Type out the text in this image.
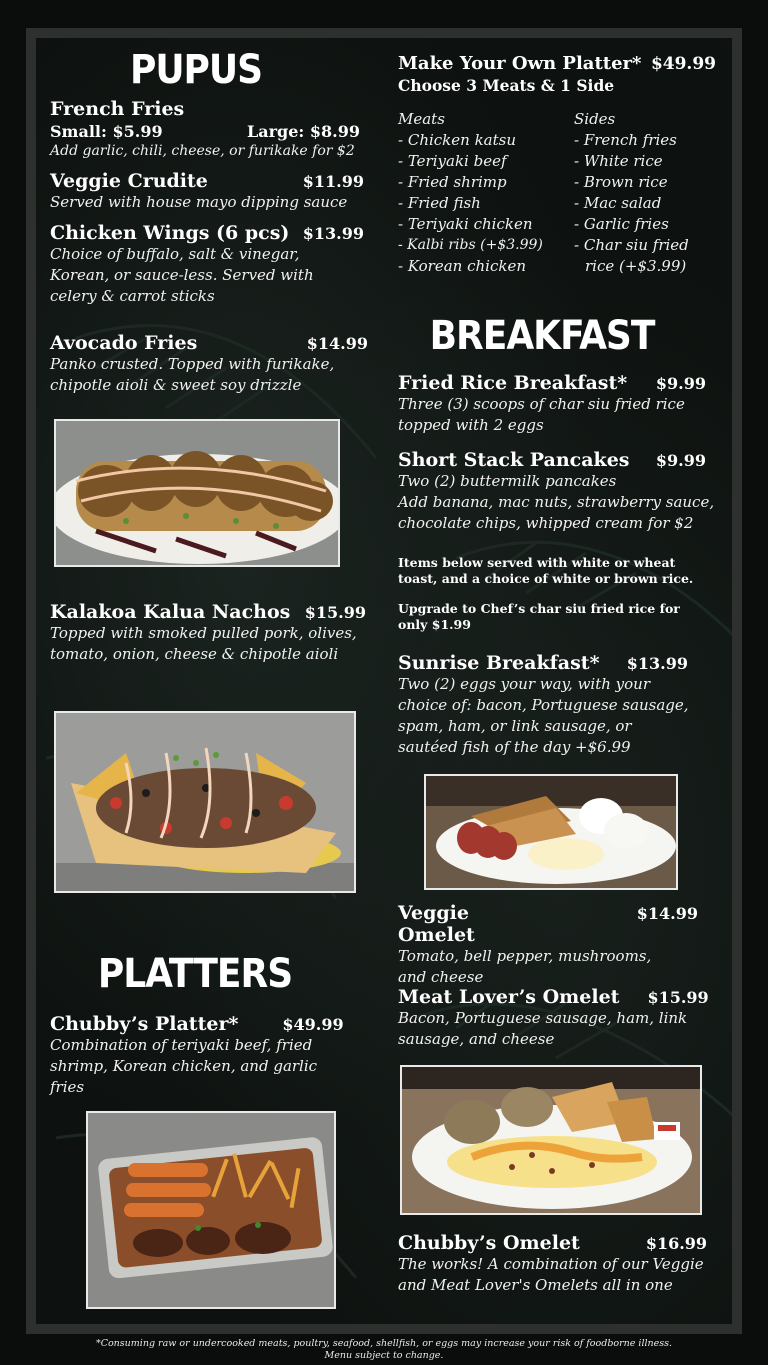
PUPUS
French Fries
Small: $5.99	Large: $8.99
Add garlic, chili, cheese, or furikake for $2
Veggie Crudite	$11.99
Served with house mayo dipping sauce
Chicken Wings (6 pcs) $13.99
Choice of buffalo, salt & vinegar,
Korean, or sauce-less. Served with
celery & carrot sticks
Avocado Fries	$14.99
Panko crusted. Topped with furikake,
chipotle aioli & sweet soy drizzle
Kalakoa Kalua Nachos $15.99
Topped with smoked pulled pork, olives,
tomato, onion, cheese & chipotle aioli
PLATTERS
Chubby’s Platter*	$49.99
Combination of teriyaki beef, fried
shrimp, Korean chicken, and garlic
fries
Make Your Own Platter* $49.99
Choose 3 Meats & 1 Side
Meats
- Chicken katsu
- Teriyaki beef
- Fried shrimp
- Fried fish
- Teriyaki chicken
- Kalbi ribs (+$3.99)
- Korean chicken
Sides
- French fries
- White rice
- Brown rice
- Mac salad
- Garlic fries
- Char siu fried
rice (+$3.99)
BREAKFAST
Fried Rice Breakfast* $9.99
Three (3) scoops of char siu fried rice
topped with 2 eggs
Short Stack Pancakes $9.99
Two (2) buttermilk pancakes
Add banana, mac nuts, strawberry sauce,
chocolate chips, whipped cream for $2
Items below served with white or wheat
toast, and a choice of white or brown rice.
Upgrade to Chef’s char siu fried rice for
only $1.99
Sunrise Breakfast* $13.99
Two (2) eggs your way, with your
choice of: bacon, Portuguese sausage,
spam, ham, or link sausage, or
sautéed fish of the day +$6.99
Veggie Omelet
$14.99
Tomato, bell pepper, mushrooms,
and cheese
Meat Lover’s Omelet $15.99
Bacon, Portuguese sausage, ham, link
sausage, and cheese
Chubby’s Omelet	$16.99
The works! A combination of our Veggie
and Meat Lover's Omelets all in one
*Consuming raw or undercooked meats, poultry, seafood, shellfish, or eggs may increase your risk of foodborne illness.
Menu subject to change.
